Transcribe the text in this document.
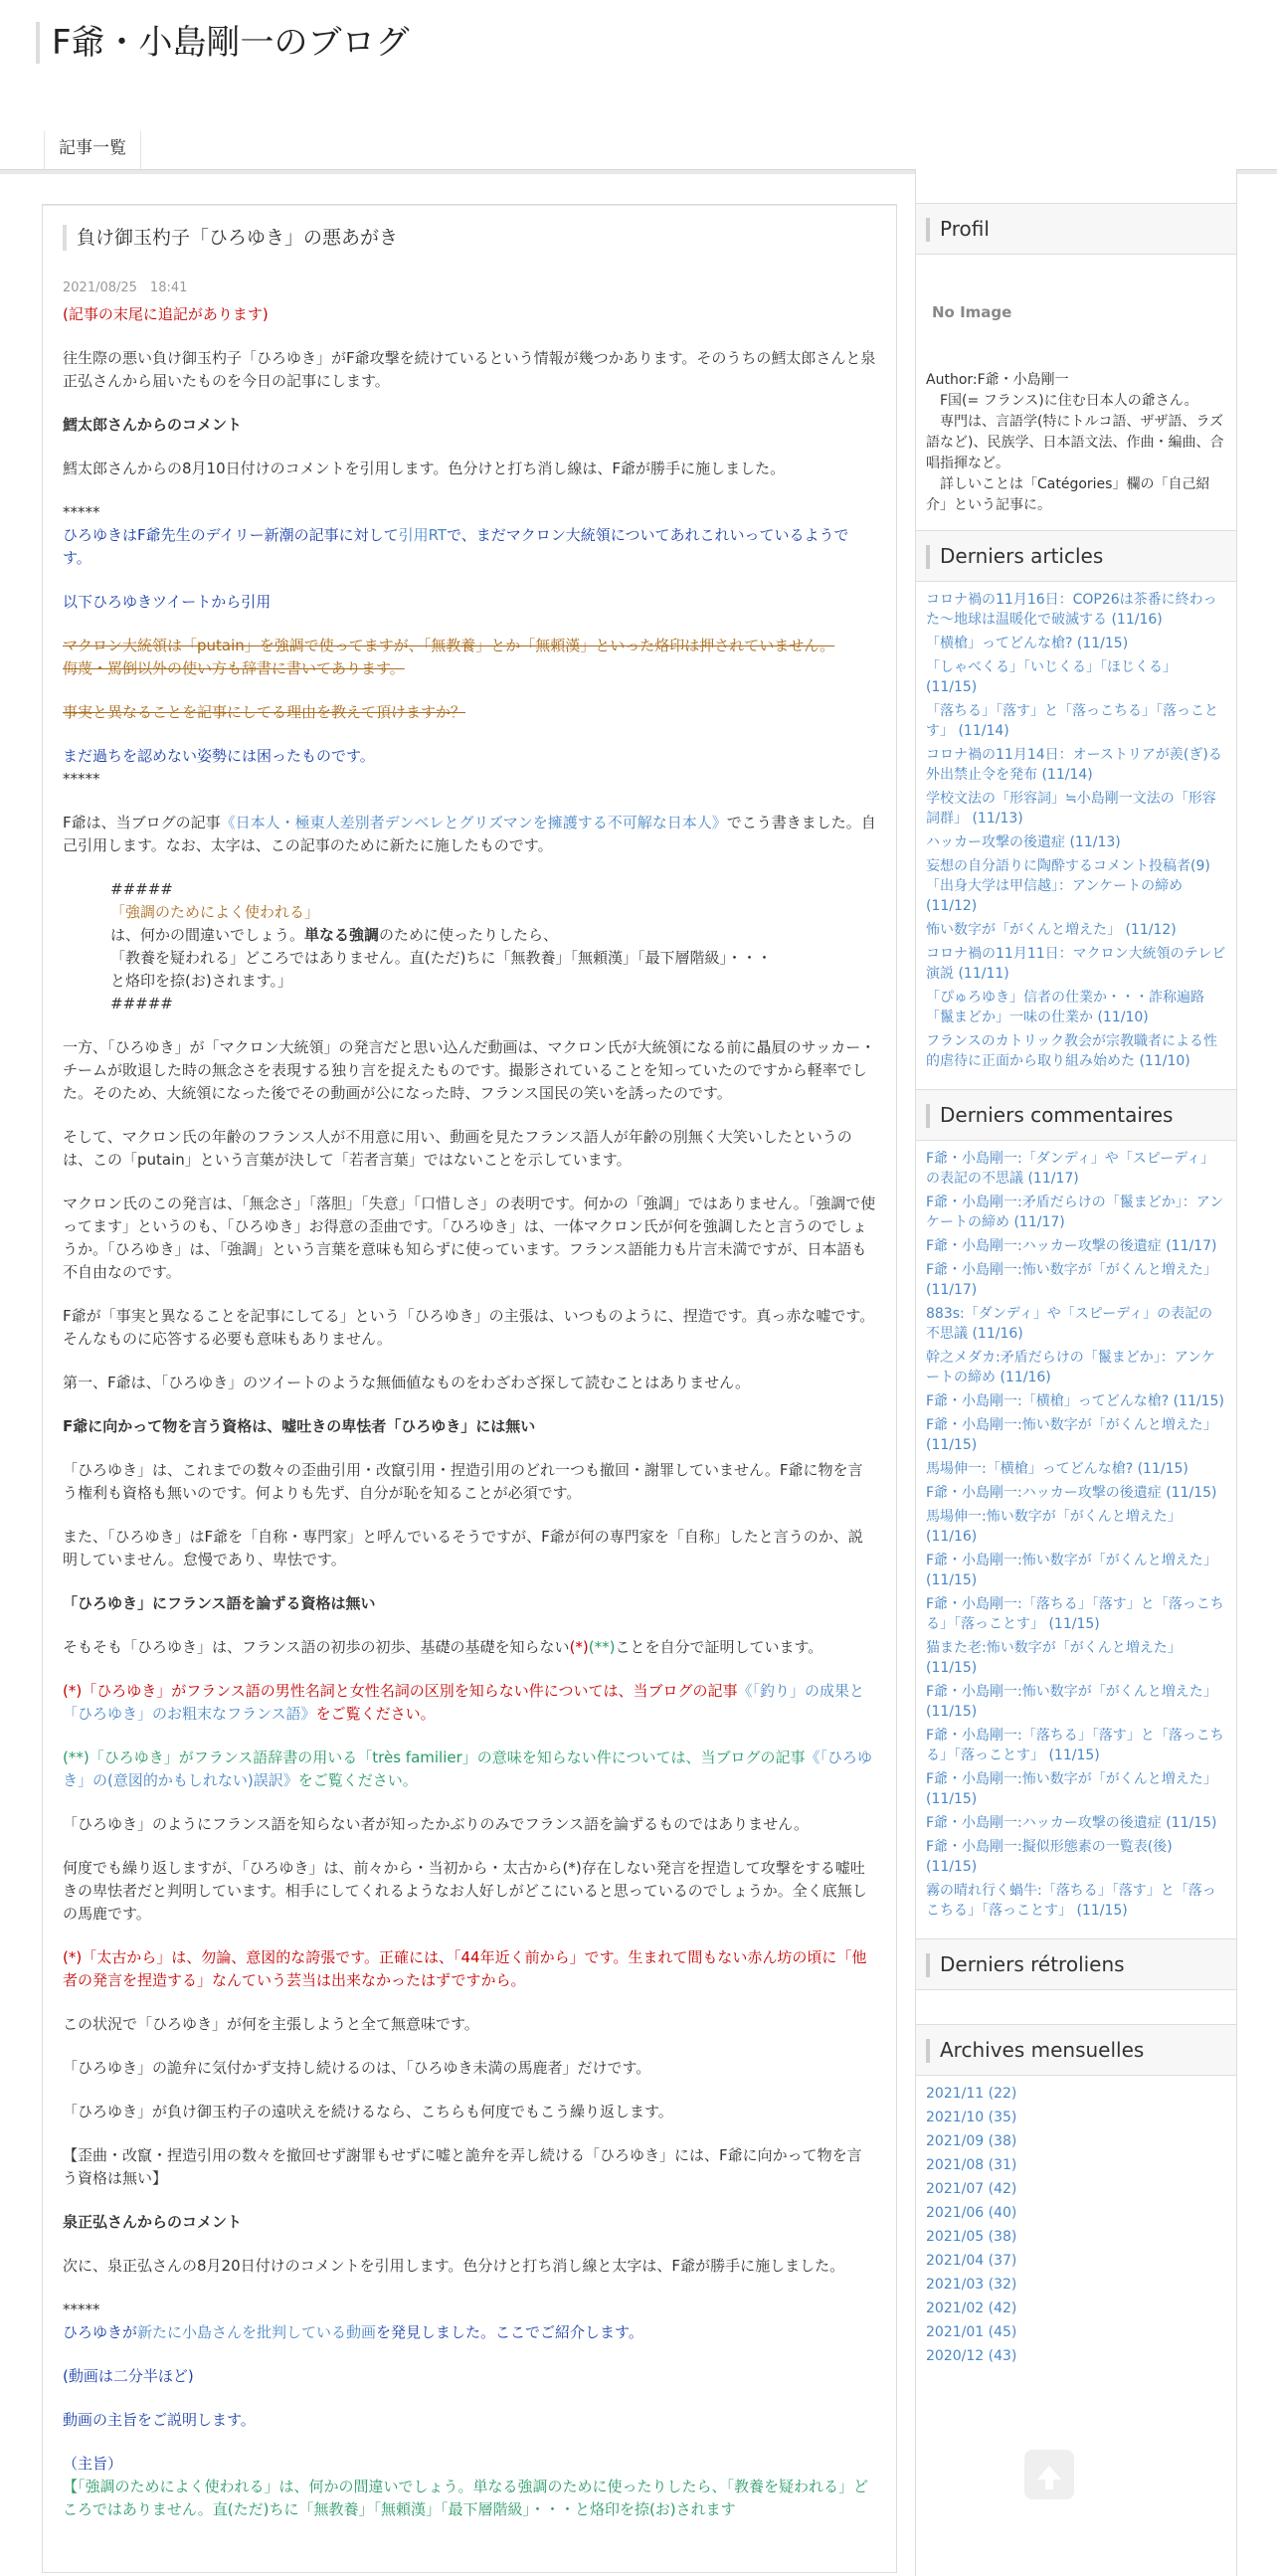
F爺・小島剛一のブログ
記事一覧
負け御玉杓子「ひろゆき」の悪あがき
2021/08/25　18:41
(記事の末尾に追記があります)
往生際の悪い負け御玉杓子「ひろゆき」がF爺攻撃を続けているという情報が幾つかあります。そのうちの鱈太郎さんと泉正弘さんから届いたものを今日の記事にします。
鱈太郎さんからのコメント
鱈太郎さんからの8月10日付けのコメントを引用します。色分けと打ち消し線は、F爺が勝手に施しました。
*****
ひろゆきはF爺先生のデイリー新潮の記事に対して引用RTで、まだマクロン大統領についてあれこれいっているようです。
以下ひろゆきツイートから引用
マクロン大統領は「putain」を強調で使ってますが、「無教養」とか「無頼漢」といった烙印は押されていません。
侮蔑・罵倒以外の使い方も辞書に書いてあります。
事実と異なることを記事にしてる理由を教えて頂けますか？
まだ過ちを認めない姿勢には困ったものです。
*****
F爺は、当ブログの記事《日本人・極東人差別者デンベレとグリズマンを擁護する不可解な日本人》でこう書きました。自己引用します。なお、太字は、この記事のために新たに施したものです。
#####
「強調のためによく使われる」
は、何かの間違いでしょう。単なる強調のために使ったりしたら、
「教養を疑われる」どころではありません。直(ただ)ちに「無教養」「無頼漢」「最下層階級」・・・
と烙印を捺(お)されます。」
#####
一方、「ひろゆき」が「マクロン大統領」の発言だと思い込んだ動画は、マクロン氏が大統領になる前に贔屓のサッカー・チームが敗退した時の無念さを表現する独り言を捉えたものです。撮影されていることを知っていたのですから軽率でした。そのため、大統領になった後でその動画が公になった時、フランス国民の笑いを誘ったのです。
そして、マクロン氏の年齢のフランス人が不用意に用い、動画を見たフランス語人が年齢の別無く大笑いしたというのは、この「putain」という言葉が決して「若者言葉」ではないことを示しています。
マクロン氏のこの発言は、「無念さ」「落胆」「失意」「口惜しさ」の表明です。何かの「強調」ではありません。「強調で使ってます」というのも、「ひろゆき」お得意の歪曲です。「ひろゆき」は、一体マクロン氏が何を強調したと言うのでしょうか。「ひろゆき」は、「強調」という言葉を意味も知らずに使っています。フランス語能力も片言未満ですが、日本語も不自由なのです。
F爺が「事実と異なることを記事にしてる」という「ひろゆき」の主張は、いつものように、捏造です。真っ赤な嘘です。そんなものに応答する必要も意味もありません。
第一、F爺は、「ひろゆき」のツイートのような無価値なものをわざわざ探して読むことはありません。
F爺に向かって物を言う資格は、嘘吐きの卑怯者「ひろゆき」には無い
「ひろゆき」は、これまでの数々の歪曲引用・改竄引用・捏造引用のどれ一つも撤回・謝罪していません。F爺に物を言う権利も資格も無いのです。何よりも先ず、自分が恥を知ることが必須です。
また、「ひろゆき」はF爺を「自称・専門家」と呼んでいるそうですが、F爺が何の専門家を「自称」したと言うのか、説明していません。怠慢であり、卑怯です。
「ひろゆき」にフランス語を論ずる資格は無い
そもそも「ひろゆき」は、フランス語の初歩の初歩、基礎の基礎を知らない(*)(**)ことを自分で証明しています。
(*)「ひろゆき」がフランス語の男性名詞と女性名詞の区別を知らない件については、当ブログの記事《「釣り」の成果と「ひろゆき」のお粗末なフランス語》をご覧ください。
(**)「ひろゆき」がフランス語辞書の用いる「très familier」の意味を知らない件については、当ブログの記事《「ひろゆき」の(意図的かもしれない)誤訳》をご覧ください。
「ひろゆき」のようにフランス語を知らない者が知ったかぶりのみでフランス語を論ずるものではありません。
何度でも繰り返しますが、「ひろゆき」は、前々から・当初から・太古から(*)存在しない発言を捏造して攻撃をする嘘吐きの卑怯者だと判明しています。相手にしてくれるようなお人好しがどこにいると思っているのでしょうか。全く底無しの馬鹿です。
(*)「太古から」は、勿論、意図的な誇張です。正確には、「44年近く前から」です。生まれて間もない赤ん坊の頃に「他者の発言を捏造する」なんていう芸当は出来なかったはずですから。
この状況で「ひろゆき」が何を主張しようと全て無意味です。
「ひろゆき」の詭弁に気付かず支持し続けるのは、「ひろゆき未満の馬鹿者」だけです。
「ひろゆき」が負け御玉杓子の遠吠えを続けるなら、こちらも何度でもこう繰り返します。
【歪曲・改竄・捏造引用の数々を撤回せず謝罪もせずに嘘と詭弁を弄し続ける「ひろゆき」には、F爺に向かって物を言う資格は無い】
泉正弘さんからのコメント
次に、泉正弘さんの8月20日付けのコメントを引用します。色分けと打ち消し線と太字は、F爺が勝手に施しました。
*****
ひろゆきが新たに小島さんを批判している動画を発見しました。ここでご紹介します。
(動画は二分半ほど)
動画の主旨をご説明します。
（主旨）
【「強調のためによく使われる」は、何かの間違いでしょう。単なる強調のために使ったりしたら、「教養を疑われる」どころではありません。直(ただ)ちに「無教養」「無頼漢」「最下層階級」・・・と烙印を捺(お)されます
Profil
No Image
Author:F爺・小島剛一
　F国(= フランス)に住む日本人の爺さん。
　専門は、言語学(特にトルコ語、ザザ語、ラズ語など)、民族学、日本語文法、作曲・編曲、合唱指揮など。
　詳しいことは「Catégories」欄の「自己紹介」という記事に。
Derniers articles
コロナ禍の11月16日：COP26は茶番に終わった～地球は温暖化で破滅する (11/16)
「横槍」ってどんな槍? (11/15)
「しゃべくる」「いじくる」「ほじくる」 (11/15)
「落ちる」「落す」と「落っこちる」「落っことす」 (11/14)
コロナ禍の11月14日：オーストリアが羨(ぎ)る外出禁止令を発布 (11/14)
学校文法の「形容詞」≒小島剛一文法の「形容詞群」 (11/13)
ハッカー攻撃の後遺症 (11/13)
妄想の自分語りに陶酔するコメント投稿者(9)「出身大学は甲信越」：アンケートの締め (11/12)
怖い数字が「がくんと増えた」 (11/12)
コロナ禍の11月11日：マクロン大統領のテレビ演説 (11/11)
「ぴゅろゆき」信者の仕業か・・・詐称遍路「鬣まどか」一味の仕業か (11/10)
フランスのカトリック教会が宗教職者による性的虐待に正面から取り組み始めた (11/10)
Derniers commentaires
F爺・小島剛一:「ダンディ」や「スピーディ」の表記の不思議 (11/17)
F爺・小島剛一:矛盾だらけの「鬣まどか」：アンケートの締め (11/17)
F爺・小島剛一:ハッカー攻撃の後遺症 (11/17)
F爺・小島剛一:怖い数字が「がくんと増えた」 (11/17)
883s:「ダンディ」や「スピーディ」の表記の不思議 (11/16)
幹之メダカ:矛盾だらけの「鬣まどか」：アンケートの締め (11/16)
F爺・小島剛一:「横槍」ってどんな槍? (11/15)
F爺・小島剛一:怖い数字が「がくんと増えた」 (11/15)
馬場伸一:「横槍」ってどんな槍? (11/15)
F爺・小島剛一:ハッカー攻撃の後遺症 (11/15)
馬場伸一:怖い数字が「がくんと増えた」 (11/16)
F爺・小島剛一:怖い数字が「がくんと増えた」 (11/15)
F爺・小島剛一:「落ちる」「落す」と「落っこちる」「落っことす」 (11/15)
猫また老:怖い数字が「がくんと増えた」 (11/15)
F爺・小島剛一:怖い数字が「がくんと増えた」 (11/15)
F爺・小島剛一:「落ちる」「落す」と「落っこちる」「落っことす」 (11/15)
F爺・小島剛一:怖い数字が「がくんと増えた」 (11/15)
F爺・小島剛一:ハッカー攻撃の後遺症 (11/15)
F爺・小島剛一:擬似形態素の一覧表(後) (11/15)
霧の晴れ行く蝸牛:「落ちる」「落す」と「落っこちる」「落っことす」 (11/15)
Derniers rétroliens
Archives mensuelles
2021/11 (22)
2021/10 (35)
2021/09 (38)
2021/08 (31)
2021/07 (42)
2021/06 (40)
2021/05 (38)
2021/04 (37)
2021/03 (32)
2021/02 (42)
2021/01 (45)
2020/12 (43)
